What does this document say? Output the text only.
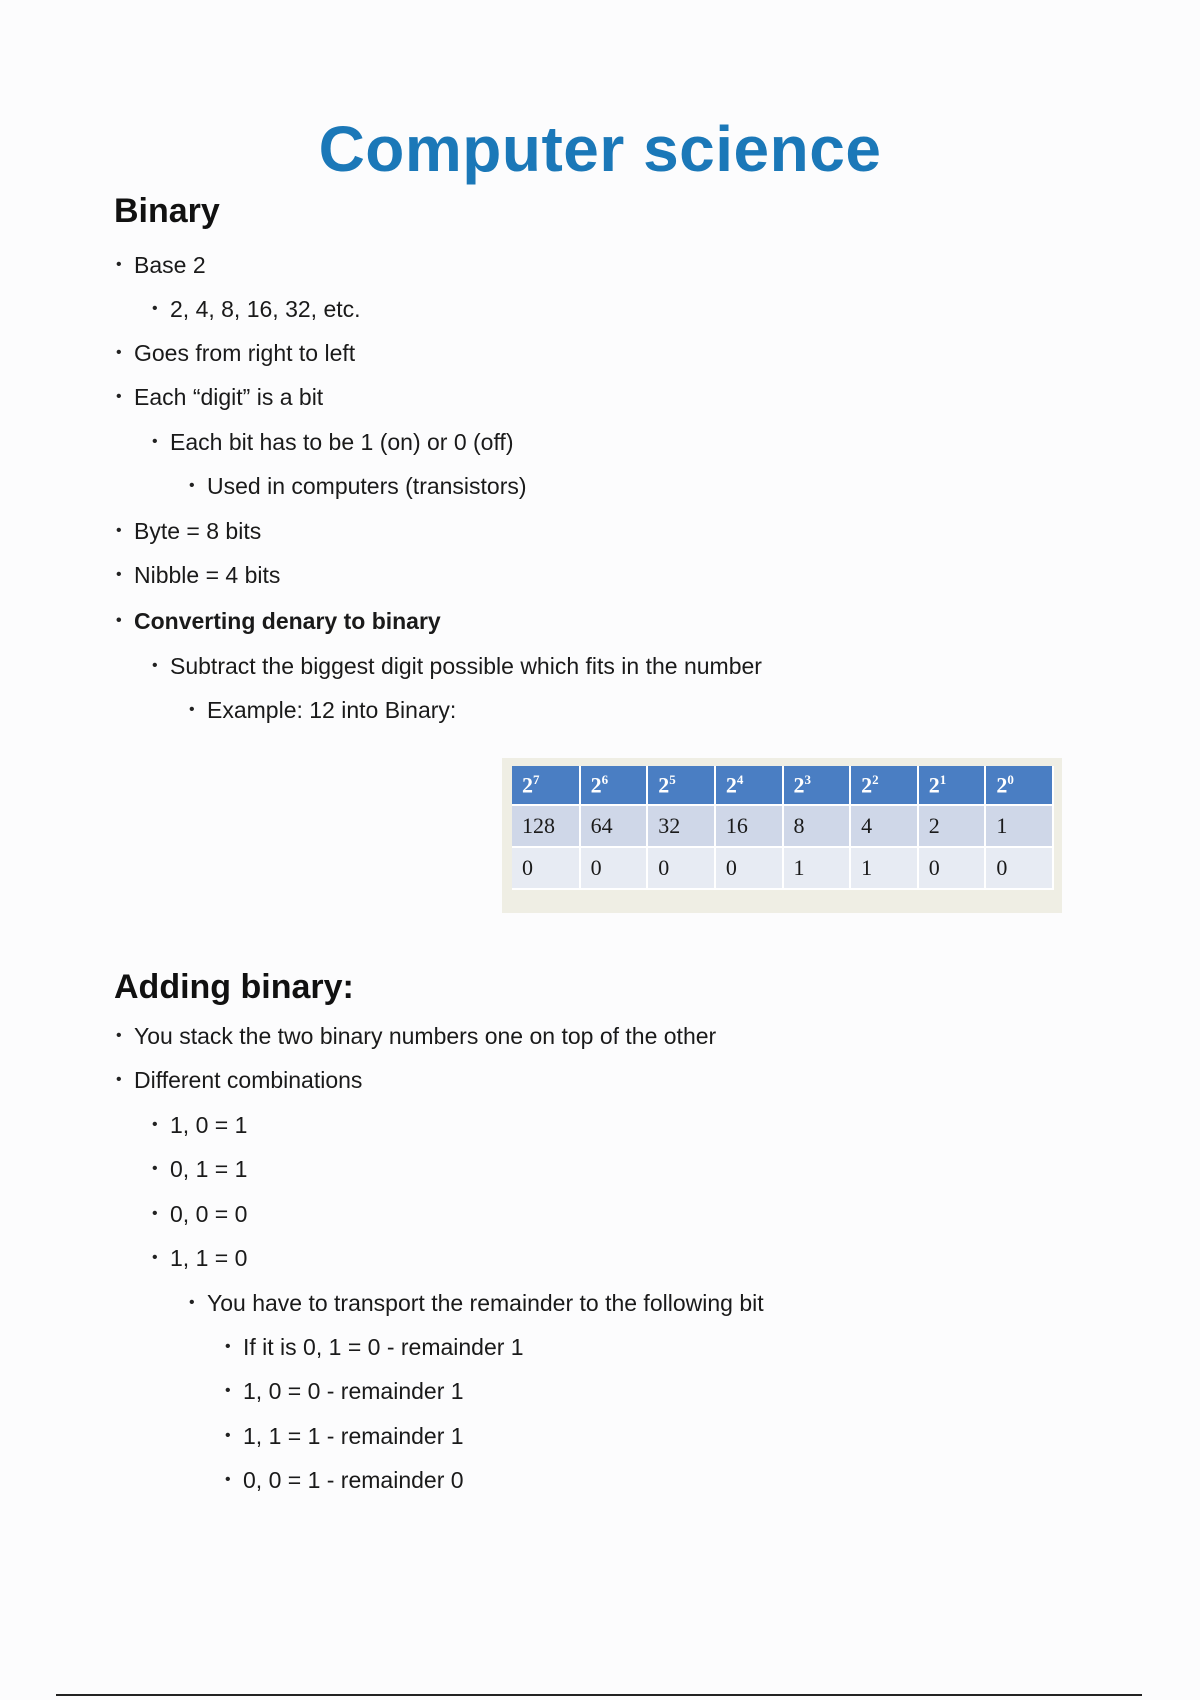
Computer science
Binary
• Base 2
• 2, 4, 8, 16, 32, etc.
• Goes from right to left
• Each “digit” is a bit
• Each bit has to be 1 (on) or 0 (off)
• Used in computers (transistors)
• Byte = 8 bits
• Nibble = 4 bits
• Converting denary to binary
• Subtract the biggest digit possible which fits in the number
• Example: 12 into Binary:
$2^7$	$2^6$	$2^5$	$2^4$	$2^3$	$2^2$	$2^1$	$2^0$
128	64	32	16	8	4	2	1
0	0	0	0	1	1	0	0
Adding binary:
• You stack the two binary numbers one on top of the other
• Different combinations
• 1, 0 = 1
• 0, 1 = 1
• 0, 0 = 0
• 1, 1 = 0
• You have to transport the remainder to the following bit
• If it is 0, 1 = 0 - remainder 1
• 1, 0 = 0 - remainder 1
• 1, 1 = 1 - remainder 1
• 0, 0 = 1 - remainder 0
